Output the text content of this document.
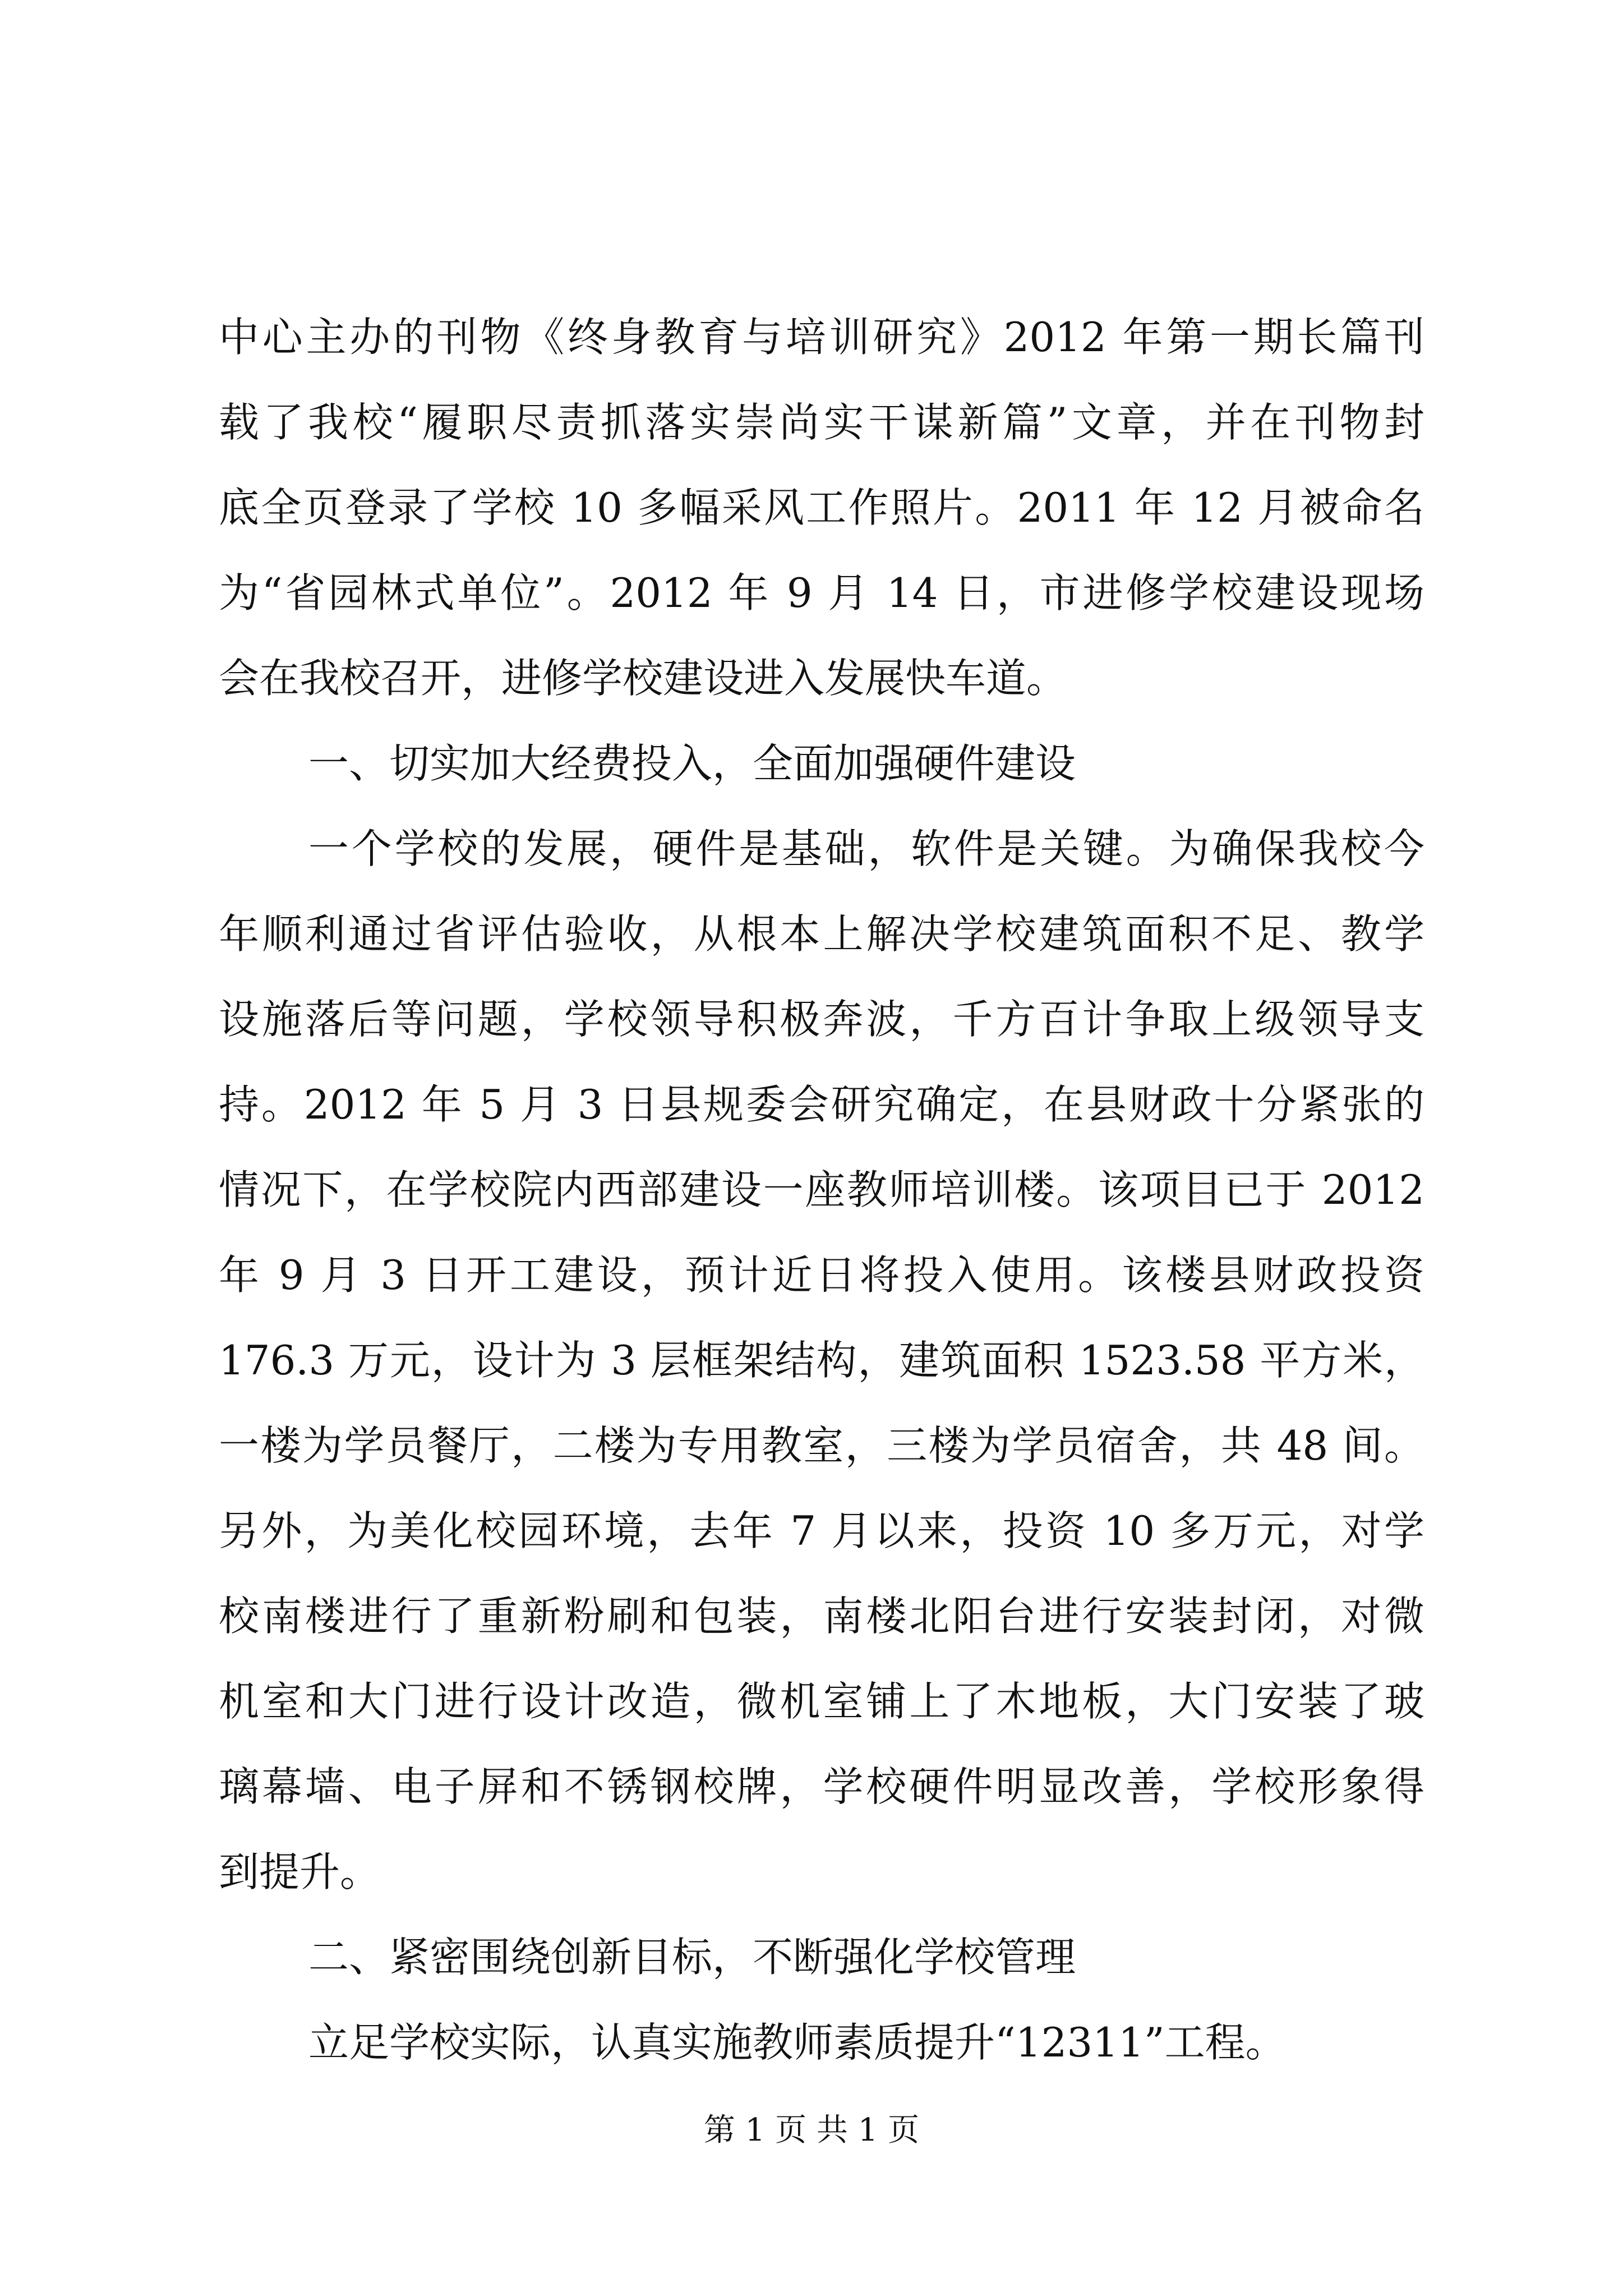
中心主办的刊物《终身教育与培训研究》2012 年第一期长篇刊
载了我校“履职尽责抓落实崇尚实干谋新篇”文章，并在刊物封
底全页登录了学校 10 多幅采风工作照片。2011 年 12 月被命名
为“省园林式单位”。2012 年 9 月 14 日，市进修学校建设现场
会在我校召开，进修学校建设进入发展快车道。
一、切实加大经费投入，全面加强硬件建设
一个学校的发展，硬件是基础，软件是关键。为确保我校今
年顺利通过省评估验收，从根本上解决学校建筑面积不足、教学
设施落后等问题，学校领导积极奔波，千方百计争取上级领导支
持。2012 年 5 月 3 日县规委会研究确定，在县财政十分紧张的
情况下，在学校院内西部建设一座教师培训楼。该项目已于 2012
年 9 月 3 日开工建设，预计近日将投入使用。该楼县财政投资
176.3 万元，设计为 3 层框架结构，建筑面积 1523.58 平方米，
一楼为学员餐厅，二楼为专用教室，三楼为学员宿舍，共 48 间。
另外，为美化校园环境，去年 7 月以来，投资 10 多万元，对学
校南楼进行了重新粉刷和包装，南楼北阳台进行安装封闭，对微
机室和大门进行设计改造，微机室铺上了木地板，大门安装了玻
璃幕墙、电子屏和不锈钢校牌，学校硬件明显改善，学校形象得
到提升。
二、紧密围绕创新目标，不断强化学校管理
立足学校实际，认真实施教师素质提升“12311”工程。
第 1 页 共 1 页
